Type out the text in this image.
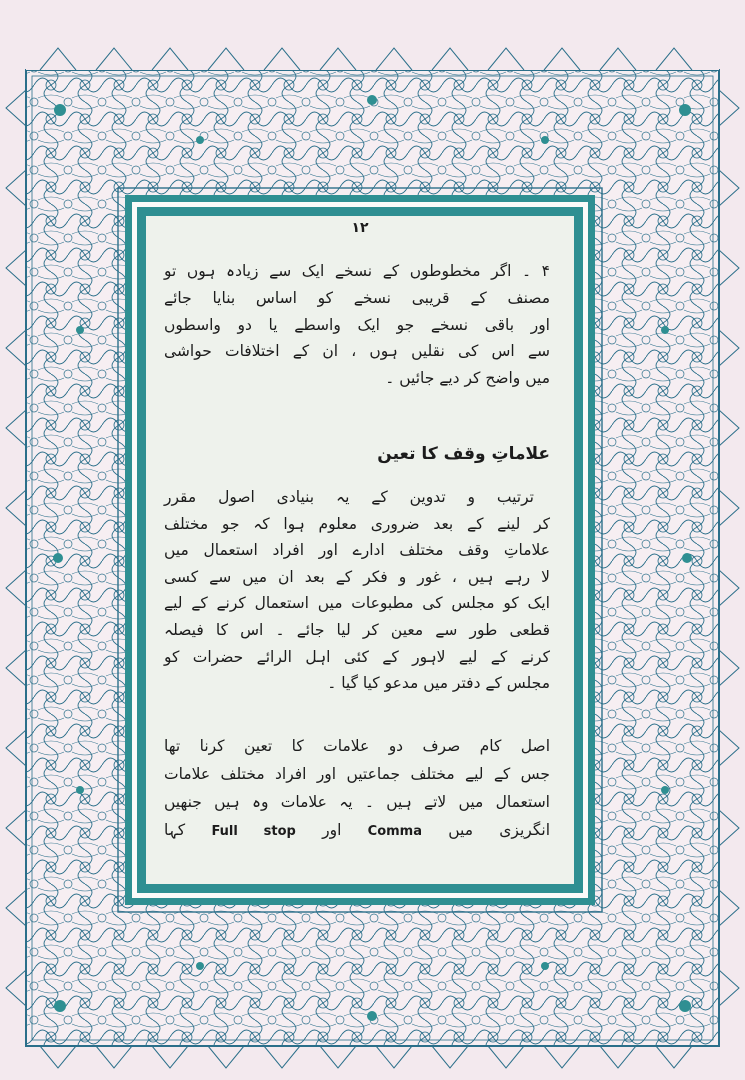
۱۲
۴ ۔ اگر مخطوطوں کے نسخے ایک سے زیادہ ہوں تو
مصنف کے قریبی نسخے کو اساس بنایا جائے
اور باقی نسخے جو ایک واسطے یا دو واسطوں
سے اس کی نقلیں ہوں ، ان کے اختلافات حواشی
میں واضح کر دیے جائیں ۔
علاماتِ وقف کا تعین
ترتیب و تدوین کے یہ بنیادی اصول مقرر
کر لینے کے بعد ضروری معلوم ہوا کہ جو مختلف
علاماتِ وقف مختلف ادارے اور افراد استعمال میں
لا رہے ہیں ، غور و فکر کے بعد ان میں سے کسی
ایک کو مجلس کی مطبوعات میں استعمال کرنے کے لیے
قطعی طور سے معین کر لیا جائے ۔ اس کا فیصلہ
کرنے کے لیے لاہور کے کئی اہل الرائے حضرات کو
مجلس کے دفتر میں مدعو کیا گیا ۔
اصل کام صرف دو علامات کا تعین کرنا تھا
جس کے لیے مختلف جماعتیں اور افراد مختلف علامات
استعمال میں لاتے ہیں ۔ یہ علامات وہ ہیں جنھیں
انگریزی میں Comma اور Full stop کہا
